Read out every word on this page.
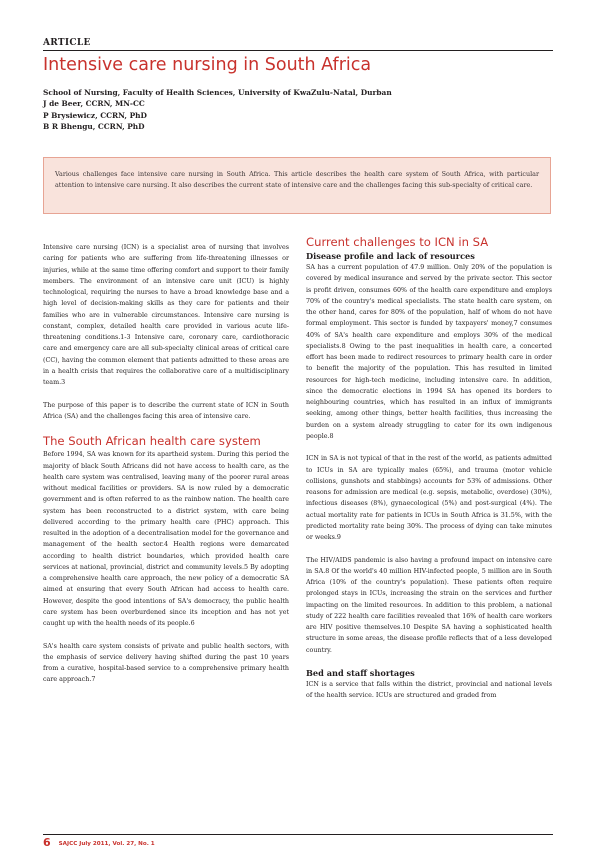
ARTICLE
Intensive care nursing in South Africa
School of Nursing, Faculty of Health Sciences, University of KwaZulu-Natal, Durban
J de Beer, CCRN, MN-CC
P Brysiewicz, CCRN, PhD
B R Bhengu, CCRN, PhD
Various challenges face intensive care nursing in South Africa. This article describes the health care system of South Africa, with particular attention to intensive care nursing. It also describes the current state of intensive care and the challenges facing this sub-specialty of critical care.

Intensive care nursing (ICN) is a specialist area of nursing that involves caring for patients who are suffering from life-threatening illnesses or injuries, while at the same time offering comfort and support to their family members. The environment of an intensive care unit (ICU) is highly technological, requiring the nurses to have a broad knowledge base and a high level of decision-making skills as they care for patients and their families who are in vulnerable circumstances. Intensive care nursing is constant, complex, detailed health care provided in various acute life-threatening conditions.1-3 Intensive care, coronary care, cardiothoracic care and emergency care are all sub-specialty clinical areas of critical care (CC), having the common element that patients admitted to these areas are in a health crisis that requires the collaborative care of a multidisciplinary team.3

The purpose of this paper is to describe the current state of ICN in South Africa (SA) and the challenges facing this area of intensive care.

The South African health care system

Before 1994, SA was known for its apartheid system. During this period the majority of black South Africans did not have access to health care, as the health care system was centralised, leaving many of the poorer rural areas without medical facilities or providers. SA is now ruled by a democratic government and is often referred to as the rainbow nation. The health care system has been reconstructed to a district system, with care being delivered according to the primary health care (PHC) approach. This resulted in the adoption of a decentralisation model for the governance and management of the health sector.4 Health regions were demarcated according to health district boundaries, which provided health care services at national, provincial, district and community levels.5 By adopting a comprehensive health care approach, the new policy of a democratic SA aimed at ensuring that every South African had access to health care. However, despite the good intentions of SA's democracy, the public health care system has been overburdened since its inception and has not yet caught up with the health needs of its people.6

SA's health care system consists of private and public health sectors, with the emphasis of service delivery having shifted during the past 10 years from a curative, hospital-based service to a comprehensive primary health care approach.7

Current challenges to ICN in SA
Disease profile and lack of resources

SA has a current population of 47.9 million. Only 20% of the population is covered by medical insurance and served by the private sector. This sector is profit driven, consumes 60% of the health care expenditure and employs 70% of the country's medical specialists. The state health care system, on the other hand, cares for 80% of the population, half of whom do not have formal employment. This sector is funded by taxpayers' money,7 consumes 40% of SA's health care expenditure and employs 30% of the medical specialists.8 Owing to the past inequalities in health care, a concerted effort has been made to redirect resources to primary health care in order to benefit the majority of the population. This has resulted in limited resources for high-tech medicine, including intensive care. In addition, since the democratic elections in 1994 SA has opened its borders to neighbouring countries, which has resulted in an influx of immigrants seeking, among other things, better health facilities, thus increasing the burden on a system already struggling to cater for its own indigenous people.8

ICN in SA is not typical of that in the rest of the world, as patients admitted to ICUs in SA are typically males (65%), and trauma (motor vehicle collisions, gunshots and stabbings) accounts for 53% of admissions. Other reasons for admission are medical (e.g. sepsis, metabolic, overdose) (30%), infectious diseases (8%), gynaecological (5%) and post-surgical (4%). The actual mortality rate for patients in ICUs in South Africa is 31.5%, with the predicted mortality rate being 30%. The process of dying can take minutes or weeks.9

The HIV/AIDS pandemic is also having a profound impact on intensive care in SA.8 Of the world's 40 million HIV-infected people, 5 million are in South Africa (10% of the country's population). These patients often require prolonged stays in ICUs, increasing the strain on the services and further impacting on the limited resources. In addition to this problem, a national study of 222 health care facilities revealed that 16% of health care workers are HIV positive themselves.10 Despite SA having a sophisticated health structure in some areas, the disease profile reflects that of a less developed country.

Bed and staff shortages

ICN is a service that falls within the district, provincial and national levels of the health service. ICUs are structured and graded from

6 SAJCC July 2011, Vol. 27, No. 1
